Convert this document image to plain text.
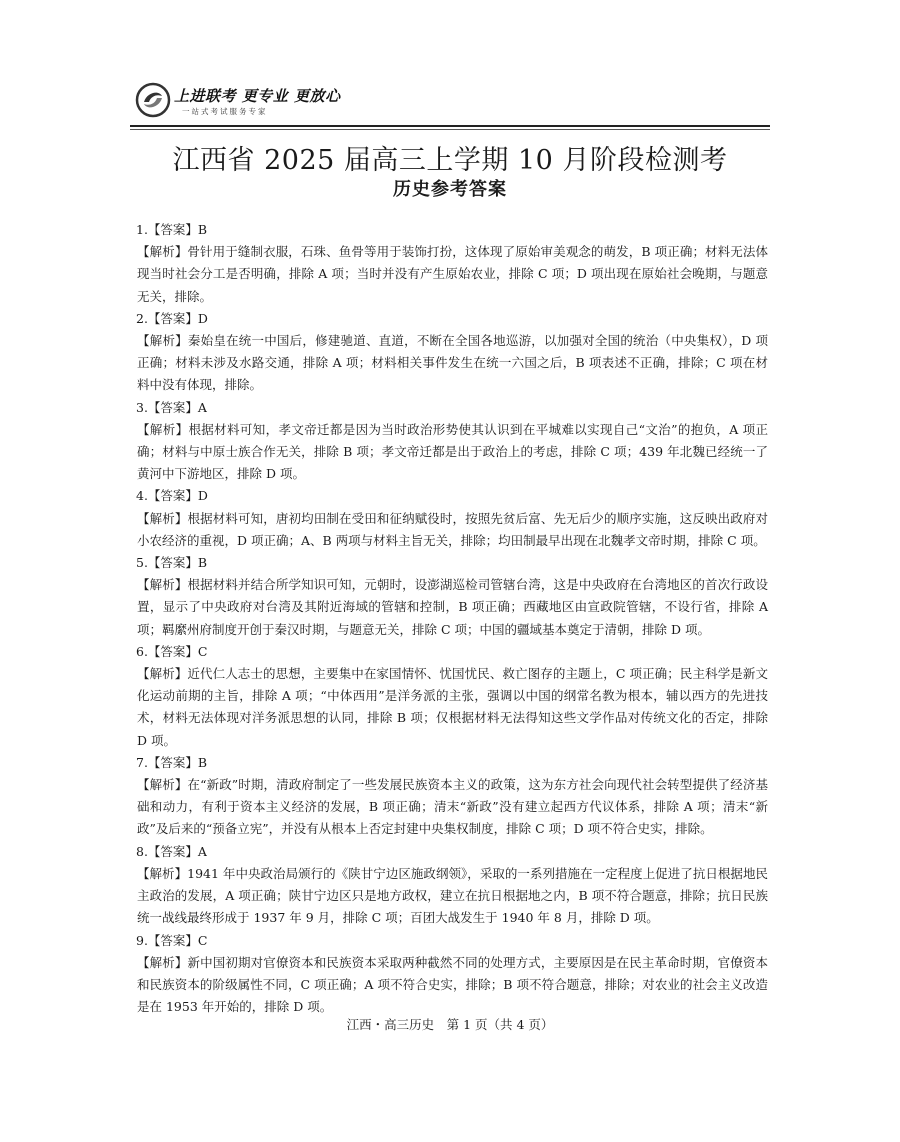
上进联考 更专业 更放心
一站式考试服务专家
江西省 2025 届高三上学期 10 月阶段检测考
历史参考答案
1.【答案】B
【解析】骨针用于缝制衣服，石珠、鱼骨等用于装饰打扮，这体现了原始审美观念的萌发，B 项正确；材料无法体现当时社会分工是否明确，排除 A 项；当时并没有产生原始农业，排除 C 项；D 项出现在原始社会晚期，与题意无关，排除。
2.【答案】D
【解析】秦始皇在统一中国后，修建驰道、直道，不断在全国各地巡游，以加强对全国的统治（中央集权），D 项正确；材料未涉及水路交通，排除 A 项；材料相关事件发生在统一六国之后，B 项表述不正确，排除；C 项在材料中没有体现，排除。
3.【答案】A
【解析】根据材料可知，孝文帝迁都是因为当时政治形势使其认识到在平城难以实现自己“文治”的抱负，A 项正确；材料与中原士族合作无关，排除 B 项；孝文帝迁都是出于政治上的考虑，排除 C 项；439 年北魏已经统一了黄河中下游地区，排除 D 项。
4.【答案】D
【解析】根据材料可知，唐初均田制在受田和征纳赋役时，按照先贫后富、先无后少的顺序实施，这反映出政府对小农经济的重视，D 项正确；A、B 两项与材料主旨无关，排除；均田制最早出现在北魏孝文帝时期，排除 C 项。
5.【答案】B
【解析】根据材料并结合所学知识可知，元朝时，设澎湖巡检司管辖台湾，这是中央政府在台湾地区的首次行政设置，显示了中央政府对台湾及其附近海域的管辖和控制，B 项正确；西藏地区由宣政院管辖，不设行省，排除 A 项；羁縻州府制度开创于秦汉时期，与题意无关，排除 C 项；中国的疆域基本奠定于清朝，排除 D 项。
6.【答案】C
【解析】近代仁人志士的思想，主要集中在家国情怀、忧国忧民、救亡图存的主题上，C 项正确；民主科学是新文化运动前期的主旨，排除 A 项；“中体西用”是洋务派的主张，强调以中国的纲常名教为根本，辅以西方的先进技术，材料无法体现对洋务派思想的认同，排除 B 项；仅根据材料无法得知这些文学作品对传统文化的否定，排除 D 项。
7.【答案】B
【解析】在“新政”时期，清政府制定了一些发展民族资本主义的政策，这为东方社会向现代社会转型提供了经济基础和动力，有利于资本主义经济的发展，B 项正确；清末“新政”没有建立起西方代议体系，排除 A 项；清末“新政”及后来的“预备立宪”，并没有从根本上否定封建中央集权制度，排除 C 项；D 项不符合史实，排除。
8.【答案】A
【解析】1941 年中央政治局颁行的《陕甘宁边区施政纲领》，采取的一系列措施在一定程度上促进了抗日根据地民主政治的发展，A 项正确；陕甘宁边区只是地方政权，建立在抗日根据地之内，B 项不符合题意，排除；抗日民族统一战线最终形成于 1937 年 9 月，排除 C 项；百团大战发生于 1940 年 8 月，排除 D 项。
9.【答案】C
【解析】新中国初期对官僚资本和民族资本采取两种截然不同的处理方式，主要原因是在民主革命时期，官僚资本和民族资本的阶级属性不同，C 项正确；A 项不符合史实，排除；B 项不符合题意，排除；对农业的社会主义改造是在 1953 年开始的，排除 D 项。
江西・高三历史　第 1 页（共 4 页）
